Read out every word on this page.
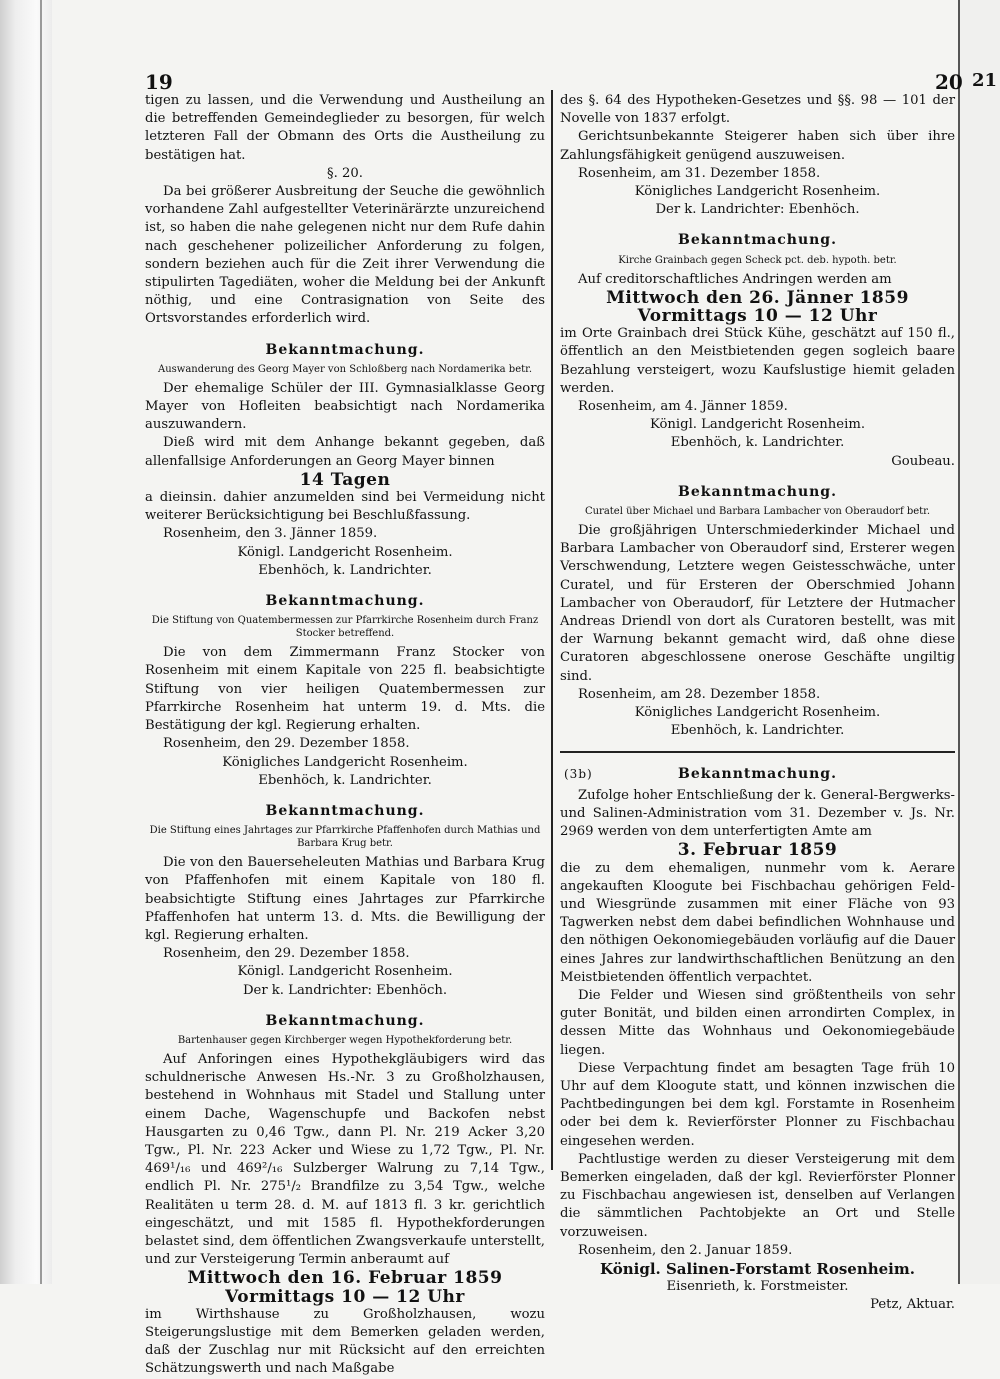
21
19	20

tigen zu lassen, und die Verwendung und Austheilung an die betreffenden Gemeindeglieder zu besorgen, für welch letzteren Fall der Obmann des Orts die Austheilung zu bestätigen hat.

§. 20.

Da bei größerer Ausbreitung der Seuche die gewöhnlich vorhandene Zahl aufgestellter Veterinärärzte unzureichend ist, so haben die nahe gelegenen nicht nur dem Rufe dahin nach geschehener polizeilicher Anforderung zu folgen, sondern beziehen auch für die Zeit ihrer Verwendung die stipulirten Tagediäten, woher die Meldung bei der Ankunft nöthig, und eine Contrasignation von Seite des Ortsvorstandes erforderlich wird.

Bekanntmachung.
Auswanderung des Georg Mayer von Schloßberg nach Nordamerika betr.

Der ehemalige Schüler der III. Gymnasialklasse Georg Mayer von Hofleiten beabsichtigt nach Nordamerika auszuwandern.

Dieß wird mit dem Anhange bekannt gegeben, daß allenfallsige Anforderungen an Georg Mayer binnen

14 Tagen

a dieinsin. dahier anzumelden sind bei Vermeidung nicht weiterer Berücksichtigung bei Beschlußfassung.

Rosenheim, den 3. Jänner 1859.

Königl. Landgericht Rosenheim.

Ebenhöch, k. Landrichter.

Bekanntmachung.
Die Stiftung von Quatembermessen zur Pfarrkirche Rosenheim durch Franz Stocker betreffend.

Die von dem Zimmermann Franz Stocker von Rosenheim mit einem Kapitale von 225 fl. beabsichtigte Stiftung von vier heiligen Quatembermessen zur Pfarrkirche Rosenheim hat unterm 19. d. Mts. die Bestätigung der kgl. Regierung erhalten.

Rosenheim, den 29. Dezember 1858.

Königliches Landgericht Rosenheim.

Ebenhöch, k. Landrichter.

Bekanntmachung.
Die Stiftung eines Jahrtages zur Pfarrkirche Pfaffenhofen durch Mathias und Barbara Krug betr.

Die von den Bauerseheleuten Mathias und Barbara Krug von Pfaffenhofen mit einem Kapitale von 180 fl. beabsichtigte Stiftung eines Jahrtages zur Pfarrkirche Pfaffenhofen hat unterm 13. d. Mts. die Bewilligung der kgl. Regierung erhalten.

Rosenheim, den 29. Dezember 1858.

Königl. Landgericht Rosenheim.

Der k. Landrichter: Ebenhöch.

Bekanntmachung.
Bartenhauser gegen Kirchberger wegen Hypothekforderung betr.

Auf Anforingen eines Hypothekgläubigers wird das schuldnerische Anwesen Hs.-Nr. 3 zu Großholzhausen, bestehend in Wohnhaus mit Stadel und Stallung unter einem Dache, Wagenschupfe und Backofen nebst Hausgarten zu 0,46 Tgw., dann Pl. Nr. 219 Acker 3,20 Tgw., Pl. Nr. 223 Acker und Wiese zu 1,72 Tgw., Pl. Nr. 469¹/₁₆ und 469²/₁₆ Sulzberger Walrung zu 7,14 Tgw., endlich Pl. Nr. 275¹/₂ Brandfilze zu 3,54 Tgw., welche Realitäten u term 28. d. M. auf 1813 fl. 3 kr. gerichtlich eingeschätzt, und mit 1585 fl. Hypothekforderungen belastet sind, dem öffentlichen Zwangsverkaufe unterstellt, und zur Versteigerung Termin anberaumt auf

Mittwoch den 16. Februar 1859

Vormittags 10 — 12 Uhr

im Wirthshause zu Großholzhausen, wozu Steigerungslustige mit dem Bemerken geladen werden, daß der Zuschlag nur mit Rücksicht auf den erreichten Schätzungswerth und nach Maßgabe

des §. 64 des Hypotheken-Gesetzes und §§. 98 — 101 der Novelle von 1837 erfolgt.

Gerichtsunbekannte Steigerer haben sich über ihre Zahlungsfähigkeit genügend auszuweisen.

Rosenheim, am 31. Dezember 1858.

Königliches Landgericht Rosenheim.

Der k. Landrichter: Ebenhöch.

Bekanntmachung.
Kirche Grainbach gegen Scheck pct. deb. hypoth. betr.

Auf creditorschaftliches Andringen werden am

Mittwoch den 26. Jänner 1859

Vormittags 10 — 12 Uhr

im Orte Grainbach drei Stück Kühe, geschätzt auf 150 fl., öffentlich an den Meistbietenden gegen sogleich baare Bezahlung versteigert, wozu Kaufslustige hiemit geladen werden.

Rosenheim, am 4. Jänner 1859.

Königl. Landgericht Rosenheim.

Ebenhöch, k. Landrichter.

Goubeau.

Bekanntmachung.
Curatel über Michael und Barbara Lambacher von Oberaudorf betr.

Die großjährigen Unterschmiederkinder Michael und Barbara Lambacher von Oberaudorf sind, Ersterer wegen Verschwendung, Letztere wegen Geistesschwäche, unter Curatel, und für Ersteren der Oberschmied Johann Lambacher von Oberaudorf, für Letztere der Hutmacher Andreas Driendl von dort als Curatoren bestellt, was mit der Warnung bekannt gemacht wird, daß ohne diese Curatoren abgeschlossene onerose Geschäfte ungiltig sind.

Rosenheim, am 28. Dezember 1858.

Königliches Landgericht Rosenheim.

Ebenhöch, k. Landrichter.

(3b)	Bekanntmachung.

Zufolge hoher Entschließung der k. General-Bergwerks- und Salinen-Administration vom 31. Dezember v. Js. Nr. 2969 werden von dem unterfertigten Amte am

3. Februar 1859

die zu dem ehemaligen, nunmehr vom k. Aerare angekauften Kloogute bei Fischbachau gehörigen Feld- und Wiesgründe zusammen mit einer Fläche von 93 Tagwerken nebst dem dabei befindlichen Wohnhause und den nöthigen Oekonomiegebäuden vorläufig auf die Dauer eines Jahres zur landwirthschaftlichen Benützung an den Meistbietenden öffentlich verpachtet.

Die Felder und Wiesen sind größtentheils von sehr guter Bonität, und bilden einen arrondirten Complex, in dessen Mitte das Wohnhaus und Oekonomiegebäude liegen.

Diese Verpachtung findet am besagten Tage früh 10 Uhr auf dem Kloogute statt, und können inzwischen die Pachtbedingungen bei dem kgl. Forstamte in Rosenheim oder bei dem k. Revierförster Plonner zu Fischbachau eingesehen werden.

Pachtlustige werden zu dieser Versteigerung mit dem Bemerken eingeladen, daß der kgl. Revierförster Plonner zu Fischbachau angewiesen ist, denselben auf Verlangen die sämmtlichen Pachtobjekte an Ort und Stelle vorzuweisen.

Rosenheim, den 2. Januar 1859.

Königl. Salinen-Forstamt Rosenheim.

Eisenrieth, k. Forstmeister.

Petz, Aktuar.
